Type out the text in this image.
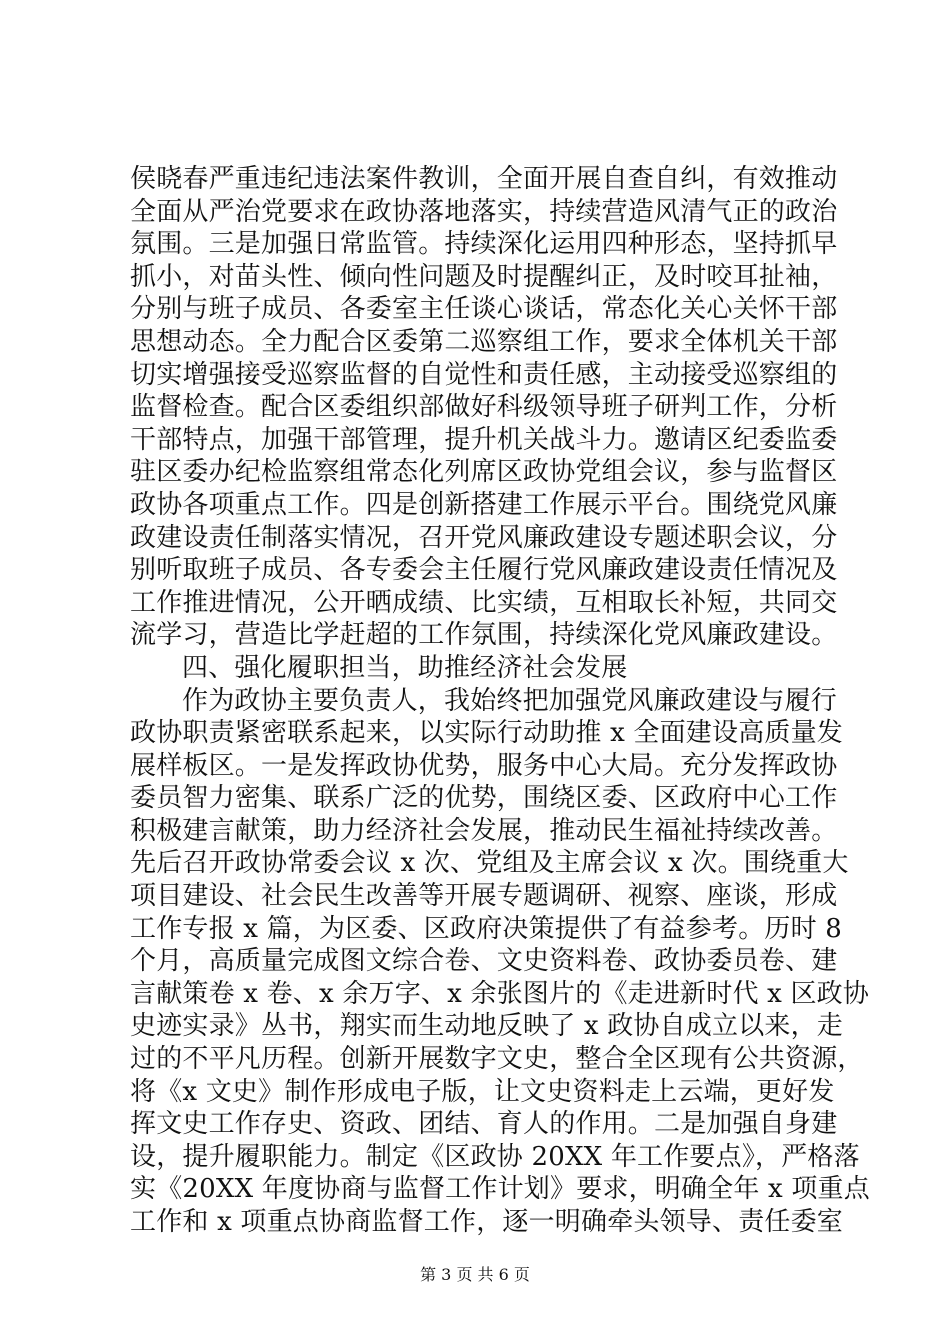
侯晓春严重违纪违法案件教训，全面开展自查自纠，有效推动
全面从严治党要求在政协落地落实，持续营造风清气正的政治
氛围。三是加强日常监管。持续深化运用四种形态，坚持抓早
抓小，对苗头性、倾向性问题及时提醒纠正，及时咬耳扯袖，
分别与班子成员、各委室主任谈心谈话，常态化关心关怀干部
思想动态。全力配合区委第二巡察组工作，要求全体机关干部
切实增强接受巡察监督的自觉性和责任感，主动接受巡察组的
监督检查。配合区委组织部做好科级领导班子研判工作，分析
干部特点，加强干部管理，提升机关战斗力。邀请区纪委监委
驻区委办纪检监察组常态化列席区政协党组会议，参与监督区
政协各项重点工作。四是创新搭建工作展示平台。围绕党风廉
政建设责任制落实情况，召开党风廉政建设专题述职会议，分
别听取班子成员、各专委会主任履行党风廉政建设责任情况及
工作推进情况，公开晒成绩、比实绩，互相取长补短，共同交
流学习，营造比学赶超的工作氛围，持续深化党风廉政建设。
四、强化履职担当，助推经济社会发展
作为政协主要负责人，我始终把加强党风廉政建设与履行
政协职责紧密联系起来，以实际行动助推 x 全面建设高质量发
展样板区。一是发挥政协优势，服务中心大局。充分发挥政协
委员智力密集、联系广泛的优势，围绕区委、区政府中心工作
积极建言献策，助力经济社会发展，推动民生福祉持续改善。
先后召开政协常委会议 x 次、党组及主席会议 x 次。围绕重大
项目建设、社会民生改善等开展专题调研、视察、座谈，形成
工作专报 x 篇，为区委、区政府决策提供了有益参考。历时 8
个月，高质量完成图文综合卷、文史资料卷、政协委员卷、建
言献策卷 x 卷、x 余万字、x 余张图片的《走进新时代 x 区政协
史迹实录》丛书，翔实而生动地反映了 x 政协自成立以来，走
过的不平凡历程。创新开展数字文史，整合全区现有公共资源，
将《x 文史》制作形成电子版，让文史资料走上云端，更好发
挥文史工作存史、资政、团结、育人的作用。二是加强自身建
设，提升履职能力。制定《区政协 20XX 年工作要点》，严格落
实《20XX 年度协商与监督工作计划》要求，明确全年 x 项重点
工作和 x 项重点协商监督工作，逐一明确牵头领导、责任委室
第 3 页 共 6 页
